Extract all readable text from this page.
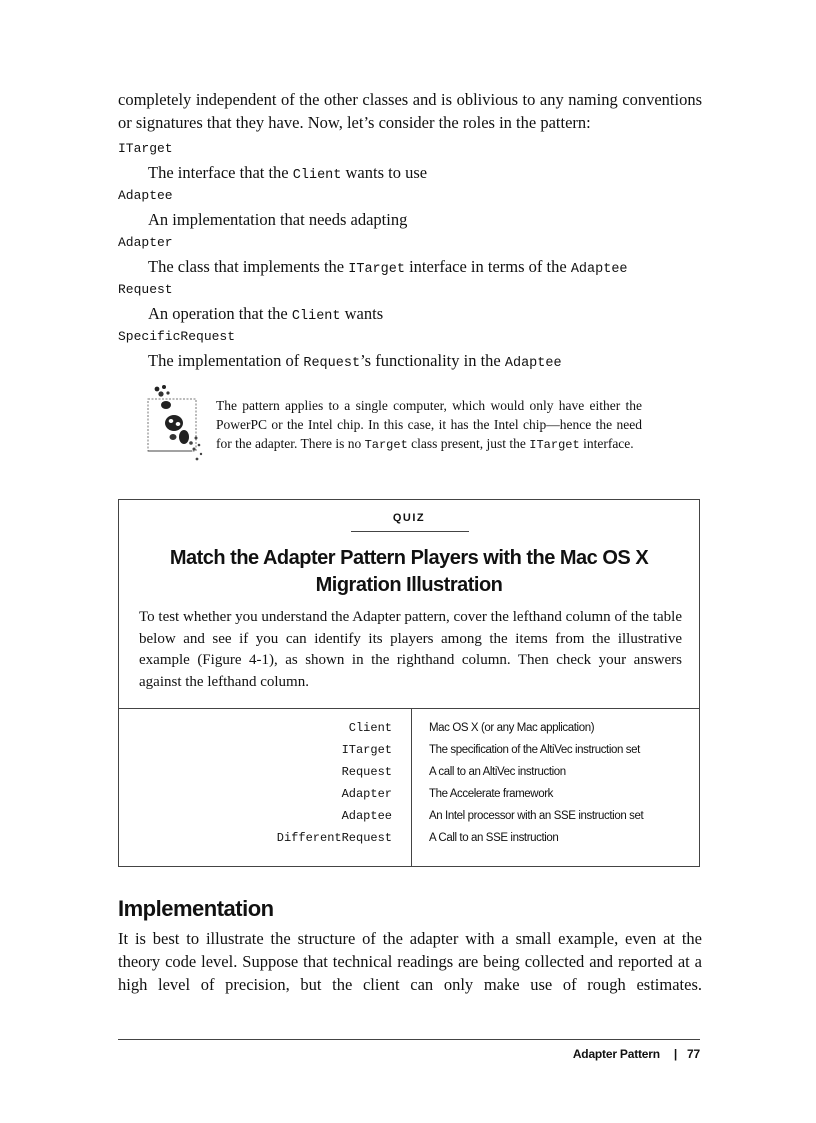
completely independent of the other classes and is oblivious to any naming conventions or signatures that they have. Now, let’s consider the roles in the pattern:

ITarget
The interface that the Client wants to use
Adaptee
An implementation that needs adapting
Adapter
The class that implements the ITarget interface in terms of the Adaptee
Request
An operation that the Client wants
SpecificRequest
The implementation of Request’s functionality in the Adaptee

The pattern applies to a single computer, which would only have either the PowerPC or the Intel chip. In this case, it has the Intel chip—hence the need for the adapter. There is no Target class present, just the ITarget interface.

QUIZ
Match the Adapter Pattern Players with the Mac OS X Migration Illustration

To test whether you understand the Adapter pattern, cover the lefthand column of the table below and see if you can identify its players among the items from the illustrative example (Figure 4-1), as shown in the righthand column. Then check your answers against the lefthand column.

Client
ITarget
Request
Adapter
Adaptee
DifferentRequest
Mac OS X (or any Mac application)
The specification of the AltiVec instruction set
A call to an AltiVec instruction
The Accelerate framework
An Intel processor with an SSE instruction set
A Call to an SSE instruction
Implementation

It is best to illustrate the structure of the adapter with a small example, even at the theory code level. Suppose that technical readings are being collected and reported at a high level of precision, but the client can only make use of rough estimates.

Adapter Pattern | 77
